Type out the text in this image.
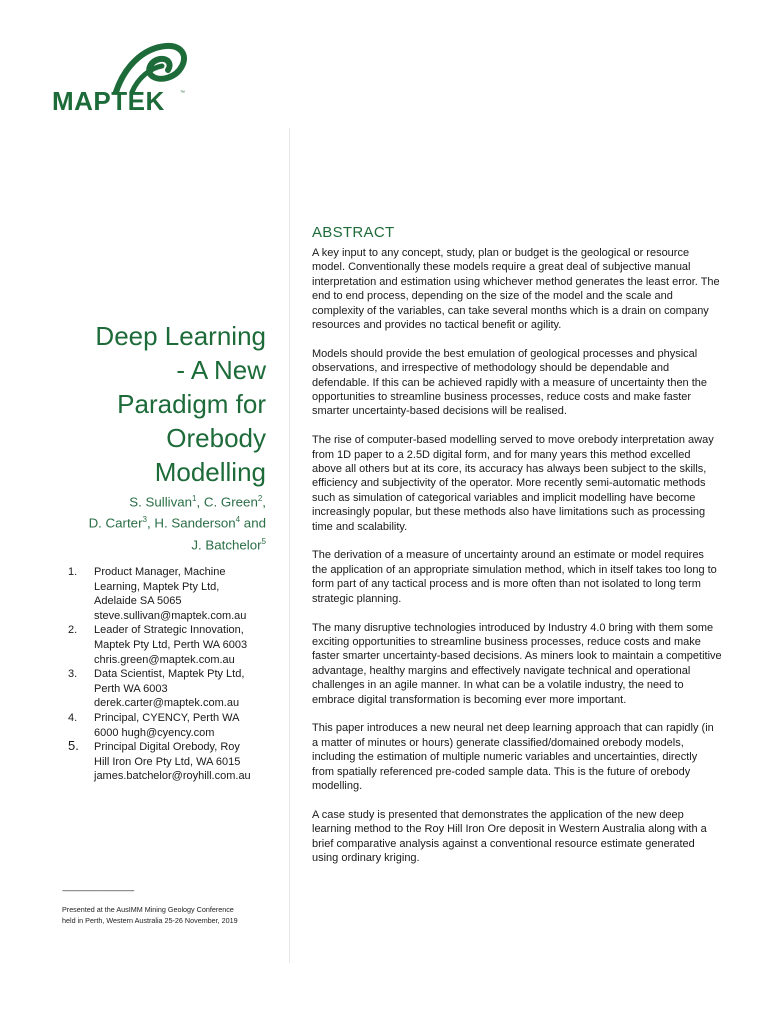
MAPTEK	™
Deep Learning
- A New
Paradigm for
Orebody
Modelling

S. Sullivan$^1$, C. Green$^2$,
D. Carter$^3$, H. Sanderson$^4$ and
J. Batchelor$^5$

1. Product Manager, Machine
Learning, Maptek Pty Ltd,
Adelaide SA 5065
steve.sullivan@maptek.com.au
2. Leader of Strategic Innovation,
Maptek Pty Ltd, Perth WA 6003
chris.green@maptek.com.au
3. Data Scientist, Maptek Pty Ltd,
Perth WA 6003
derek.carter@maptek.com.au
4. Principal, CYENCY, Perth WA
6000 hugh@cyency.com
5. Principal Digital Orebody, Roy
Hill Iron Ore Pty Ltd, WA 6015
james.batchelor@royhill.com.au
-------------------------------------------
Presented at the AusIMM Mining Geology Conference
held in Perth, Western Australia 25-26 November, 2019
ABSTRACT

A key input to any concept, study, plan or budget is the geological or resource model. Conventionally these models require a great deal of subjective manual interpretation and estimation using whichever method generates the least error. The end to end process, depending on the size of the model and the scale and complexity of the variables, can take several months which is a drain on company resources and provides no tactical benefit or agility.

Models should provide the best emulation of geological processes and physical observations, and irrespective of methodology should be dependable and defendable. If this can be achieved rapidly with a measure of uncertainty then the opportunities to streamline business processes, reduce costs and make faster smarter uncertainty-based decisions will be realised.

The rise of computer-based modelling served to move orebody interpretation away from 1D paper to a 2.5D digital form, and for many years this method excelled above all others but at its core, its accuracy has always been subject to the skills, efficiency and subjectivity of the operator. More recently semi-automatic methods such as simulation of categorical variables and implicit modelling have become increasingly popular, but these methods also have limitations such as processing time and scalability.

The derivation of a measure of uncertainty around an estimate or model requires the application of an appropriate simulation method, which in itself takes too long to form part of any tactical process and is more often than not isolated to long term strategic planning.

The many disruptive technologies introduced by Industry 4.0 bring with them some exciting opportunities to streamline business processes, reduce costs and make faster smarter uncertainty-based decisions. As miners look to maintain a competitive advantage, healthy margins and effectively navigate technical and operational challenges in an agile manner. In what can be a volatile industry, the need to embrace digital transformation is becoming ever more important.

This paper introduces a new neural net deep learning approach that can rapidly (in a matter of minutes or hours) generate classified/domained orebody models, including the estimation of multiple numeric variables and uncertainties, directly from spatially referenced pre-coded sample data. This is the future of orebody modelling.

A case study is presented that demonstrates the application of the new deep learning method to the Roy Hill Iron Ore deposit in Western Australia along with a brief comparative analysis against a conventional resource estimate generated using ordinary kriging.
